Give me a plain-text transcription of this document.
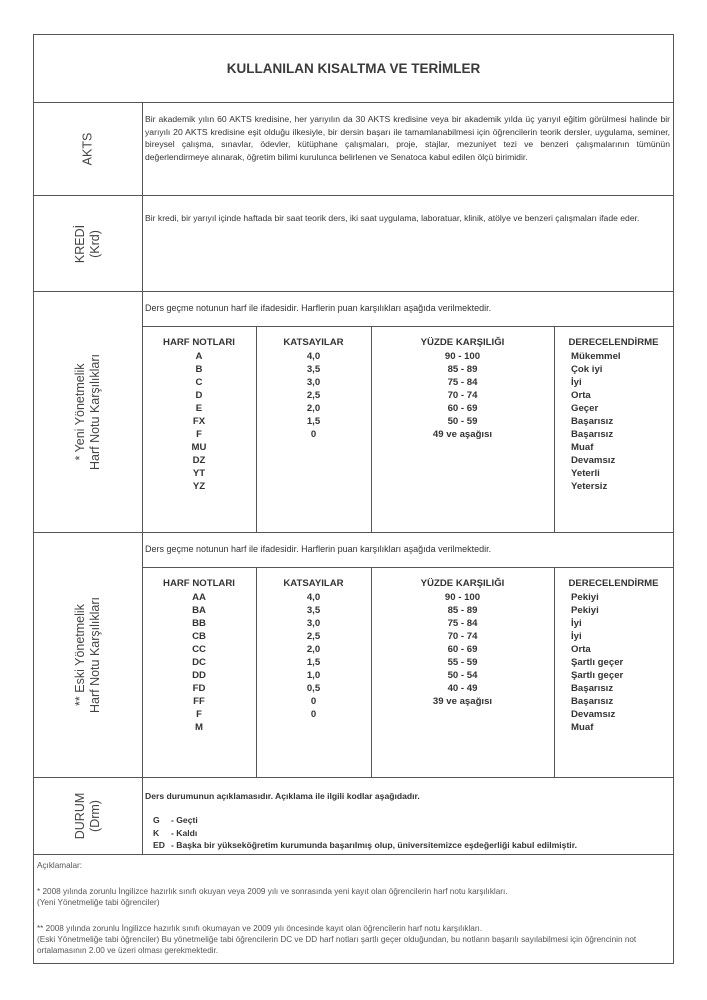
KULLANILAN KISALTMA VE TERİMLER
AKTS
Bir akademik yılın 60 AKTS kredisine, her yarıyılın da 30 AKTS kredisine veya bir akademik yılda üç yarıyıl eğitim görülmesi halinde bir yarıyılı 20 AKTS kredisine eşit olduğu ilkesiyle, bir dersin başarı ile tamamlanabilmesi için öğrencilerin teorik dersler, uygulama, seminer, bireysel çalışma, sınavlar, ödevler, kütüphane çalışmaları, proje, stajlar, mezuniyet tezi ve benzeri çalışmalarının tümünün değerlendirmeye alınarak, öğretim bilimi kurulunca belirlenen ve Senatoca kabul edilen ölçü birimidir.
KREDİ (Krd)
Bir kredi, bir yarıyıl içinde haftada bir saat teorik ders, iki saat uygulama, laboratuar, klinik, atölye ve benzeri çalışmaları ifade eder.
* Yeni Yönetmelik Harf Notu Karşılıkları
Ders geçme notunun harf ile ifadesidir. Harflerin puan karşılıkları aşağıda verilmektedir.
HARF NOTLARI
A
B
C
D
E
FX
F
MU
DZ
YT
YZ
KATSAYILAR
4,0
3,5
3,0
2,5
2,0
1,5
0
YÜZDE KARŞILIĞI
90 - 100
85 - 89
75 - 84
70 - 74
60 - 69
50 - 59
49 ve aşağısı
DERECELENDİRME
Mükemmel
Çok iyi
İyi
Orta
Geçer
Başarısız
Başarısız
Muaf
Devamsız
Yeterli
Yetersiz
** Eski Yönetmelik Harf Notu Karşılıkları
Ders geçme notunun harf ile ifadesidir. Harflerin puan karşılıkları aşağıda verilmektedir.
HARF NOTLARI
AA
BA
BB
CB
CC
DC
DD
FD
FF
F
M
KATSAYILAR
4,0
3,5
3,0
2,5
2,0
1,5
1,0
0,5
0
0
YÜZDE KARŞILIĞI
90 - 100
85 - 89
75 - 84
70 - 74
60 - 69
55 - 59
50 - 54
40 - 49
39 ve aşağısı
DERECELENDİRME
Pekiyi
Pekiyi
İyi
İyi
Orta
Şartlı geçer
Şartlı geçer
Başarısız
Başarısız
Devamsız
Muaf
DURUM (Drm)
Ders durumunun açıklamasıdır. Açıklama ile ilgili kodlar aşağıdadır.
G - Geçti
K - Kaldı
ED - Başka bir yükseköğretim kurumunda başarılmış olup, üniversitemizce eşdeğerliği kabul edilmiştir.

Açıklamalar:

* 2008 yılında zorunlu İngilizce hazırlık sınıfı okuyan veya 2009 yılı ve sonrasında yeni kayıt olan öğrencilerin harf notu karşılıkları.

(Yeni Yönetmeliğe tabi öğrenciler)

** 2008 yılında zorunlu İngilizce hazırlık sınıfı okumayan ve 2009 yılı öncesinde kayıt olan öğrencilerin harf notu karşılıkları.

(Eski Yönetmeliğe tabi öğrenciler) Bu yönetmeliğe tabi öğrencilerin DC ve DD harf notları şartlı geçer olduğundan, bu notların başarılı sayılabilmesi için öğrencinin not ortalamasının 2.00 ve üzeri olması gerekmektedir.
